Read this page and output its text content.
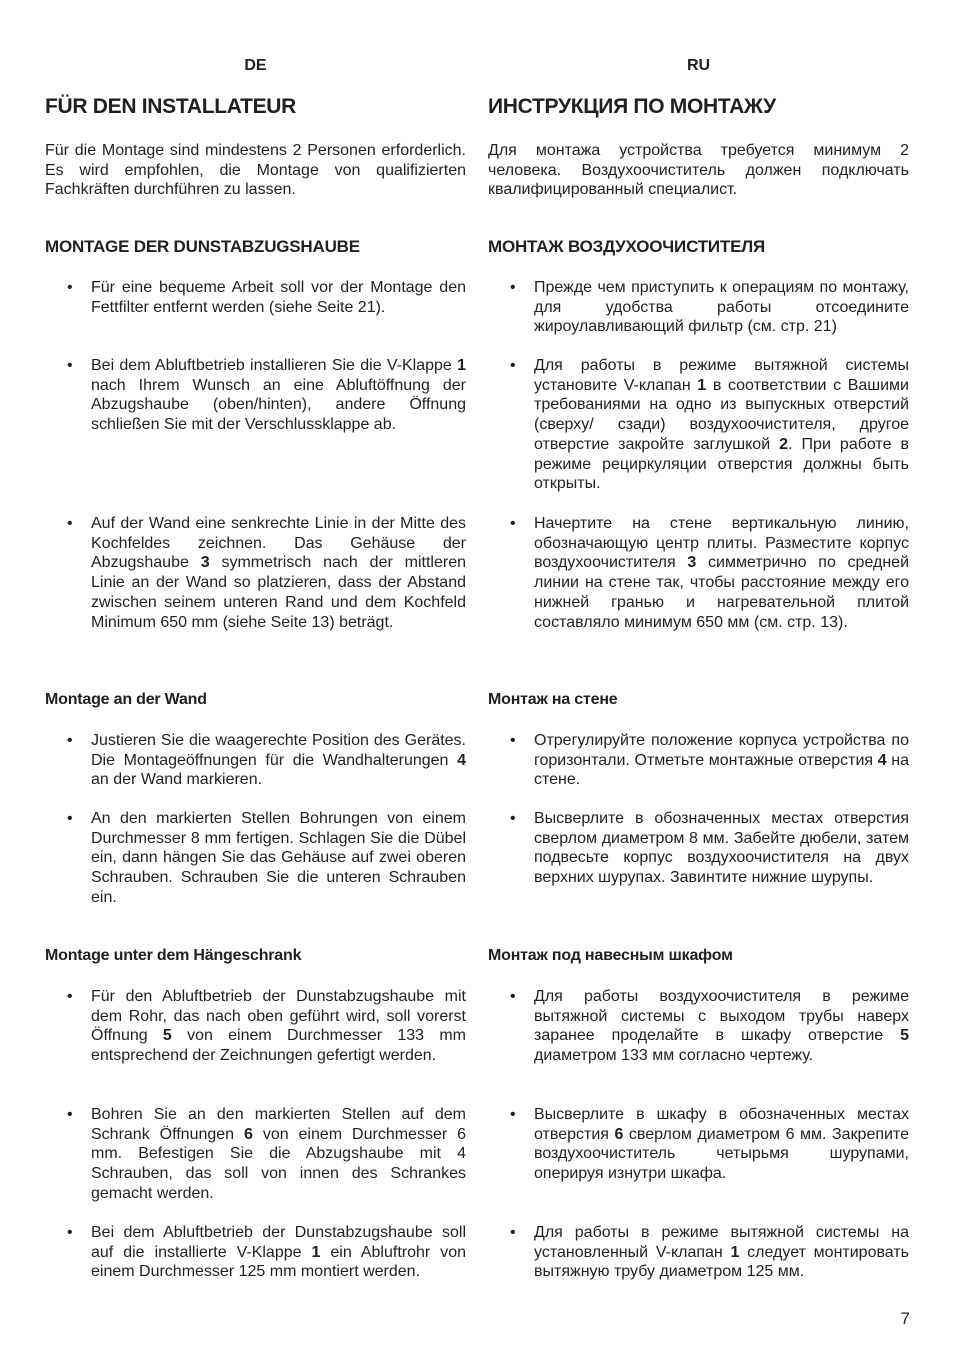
DE
FÜR DEN INSTALLATEUR
Für die Montage sind mindestens 2 Personen erforderlich. Es wird empfohlen, die Montage von qualifizierten Fachkräften durchführen zu lassen.
MONTAGE DER DUNSTABZUGSHAUBE
• Für eine bequeme Arbeit soll vor der Montage den Fettfilter entfernt werden (siehe Seite 21).
• Bei dem Abluftbetrieb installieren Sie die V-Klappe 1 nach Ihrem Wunsch an eine Abluftöffnung der Abzugshaube (oben/hinten), andere Öffnung schließen Sie mit der Verschlussklappe ab.
• Auf der Wand eine senkrechte Linie in der Mitte des Kochfeldes zeichnen. Das Gehäuse der Abzugshaube 3 symmetrisch nach der mittleren Linie an der Wand so platzieren, dass der Abstand zwischen seinem unteren Rand und dem Kochfeld Minimum 650 mm (siehe Seite 13) beträgt.
Montage an der Wand
• Justieren Sie die waagerechte Position des Gerätes. Die Montageöffnungen für die Wandhalterungen 4 an der Wand markieren.
• An den markierten Stellen Bohrungen von einem Durchmesser 8 mm fertigen. Schlagen Sie die Dübel ein, dann hängen Sie das Gehäuse auf zwei oberen Schrauben. Schrauben Sie die unteren Schrauben ein.
Montage unter dem Hängeschrank
• Für den Abluftbetrieb der Dunstabzugshaube mit dem Rohr, das nach oben geführt wird, soll vorerst Öffnung 5 von einem Durchmesser 133 mm entsprechend der Zeichnungen gefertigt werden.
• Bohren Sie an den markierten Stellen auf dem Schrank Öffnungen 6 von einem Durchmesser 6 mm. Befestigen Sie die Abzugshaube mit 4 Schrauben, das soll von innen des Schrankes gemacht werden.
• Bei dem Abluftbetrieb der Dunstabzugshaube soll auf die installierte V-Klappe 1 ein Abluftrohr von einem Durchmesser 125 mm montiert werden.
RU
ИНСТРУКЦИЯ ПО МОНТАЖУ
Для монтажа устройства требуется минимум 2 человека. Воздухоочиститель должен подключать квалифицированный специалист.
МОНТАЖ ВОЗДУХООЧИСТИТЕЛЯ
• Прежде чем приступить к операциям по монтажу, для удобства работы отсоедините жироулавливающий фильтр (см. стр. 21)
• Для работы в режиме вытяжной системы установите V-клапан 1 в соответствии с Вашими требованиями на одно из выпускных отверстий (сверху/ сзади) воздухоочистителя, другое отверстие закройте заглушкой 2. При работе в режиме рециркуляции отверстия должны быть открыты.
• Начертите на стене вертикальную линию, обозначающую центр плиты. Разместите корпус воздухоочистителя 3 симметрично по средней линии на стене так, чтобы расстояние между его нижней гранью и нагревательной плитой составляло минимум 650 мм (см. стр. 13).
Монтаж на стене
• Отрегулируйте положение корпуса устройства по горизонтали. Отметьте монтажные отверстия 4 на стене.
• Высверлите в обозначенных местах отверстия сверлом диаметром 8 мм. Забейте дюбели, затем подвесьте корпус воздухоочистителя на двух верхних шурупах. Завинтите нижние шурупы.
Монтаж под навесным шкафом
• Для работы воздухоочистителя в режиме вытяжной системы с выходом трубы наверх заранее проделайте в шкафу отверстие 5 диаметром 133 мм согласно чертежу.
• Высверлите в шкафу в обозначенных местах отверстия 6 сверлом диаметром 6 мм. Закрепите воздухоочиститель четырьмя шурупами, оперируя изнутри шкафа.
• Для работы в режиме вытяжной системы на установленный V-клапан 1 следует монтировать вытяжную трубу диаметром 125 мм.
7
